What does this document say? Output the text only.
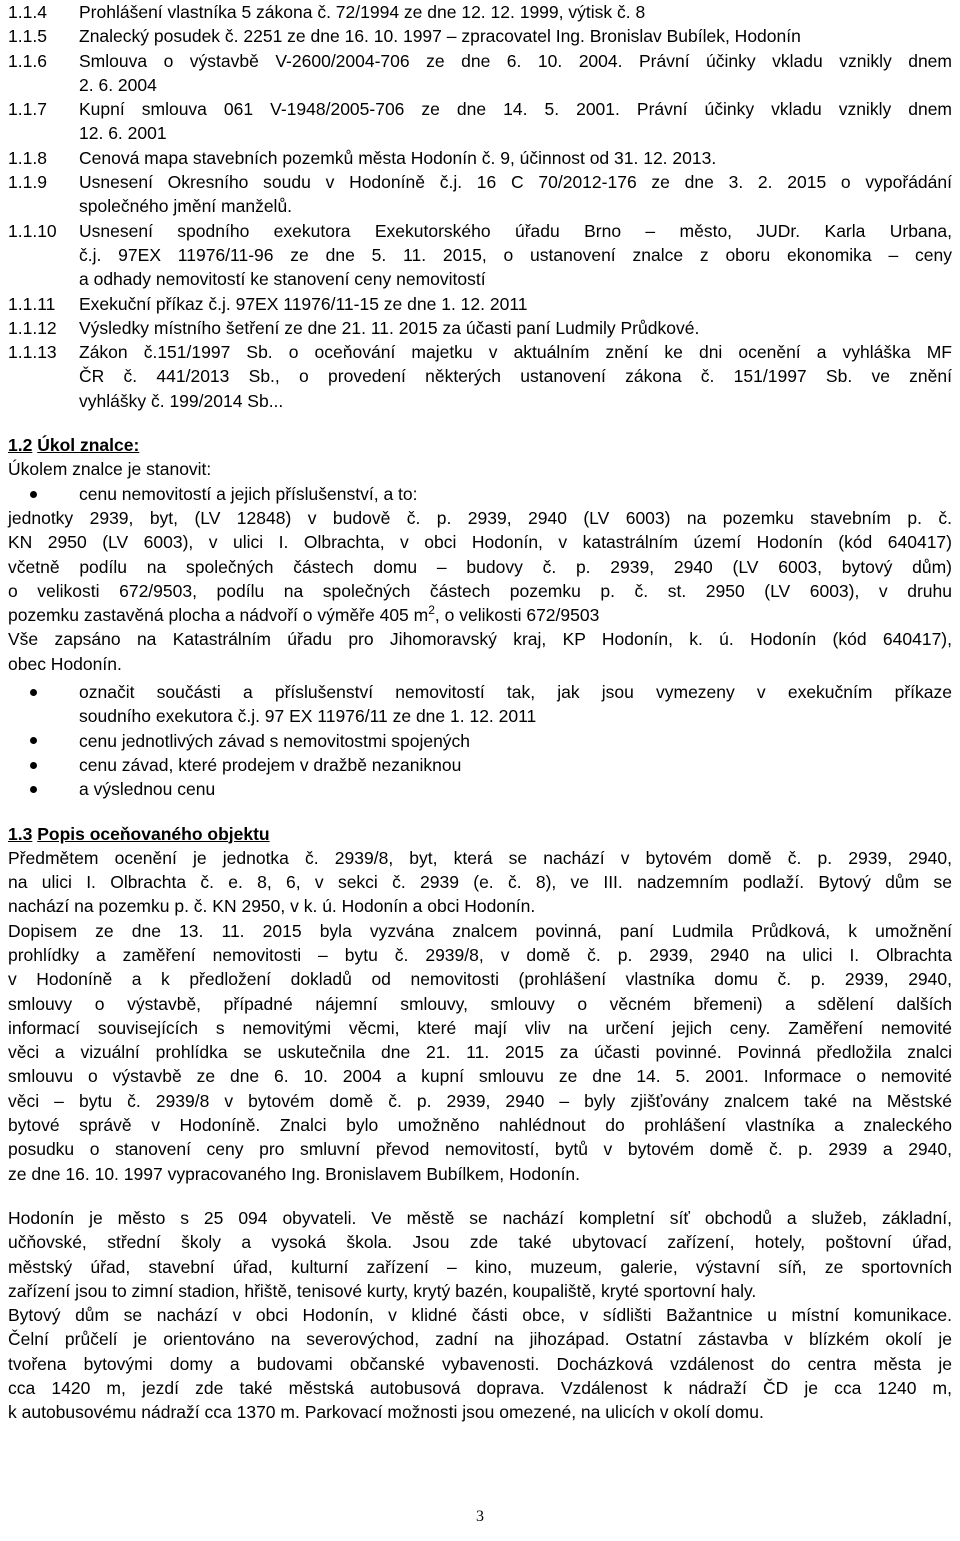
1.1.4	Prohlášení vlastníka 5 zákona č. 72/1994 ze dne 12. 12. 1999, výtisk č. 8
1.1.5	Znalecký posudek č. 2251 ze dne 16. 10. 1997 – zpracovatel Ing. Bronislav Bubílek, Hodonín
1.1.6	Smlouva o výstavbě V-2600/2004-706 ze dne 6. 10. 2004. Právní účinky vkladu vznikly dnem
2. 6. 2004
1.1.7	Kupní smlouva 061 V-1948/2005-706 ze dne 14. 5. 2001. Právní účinky vkladu vznikly dnem
12. 6. 2001
1.1.8	Cenová mapa stavebních pozemků města Hodonín č. 9, účinnost od 31. 12. 2013.
1.1.9	Usnesení Okresního soudu v Hodoníně č.j. 16 C 70/2012-176 ze dne 3. 2. 2015 o vypořádání
společného jmění manželů.
1.1.10	Usnesení spodního exekutora Exekutorského úřadu Brno – město, JUDr. Karla Urbana,
č.j. 97EX 11976/11-96 ze dne 5. 11. 2015, o ustanovení znalce z oboru ekonomika – ceny
a odhady nemovitostí ke stanovení ceny nemovitostí
1.1.11	Exekuční příkaz č.j. 97EX 11976/11-15 ze dne 1. 12. 2011
1.1.12	Výsledky místního šetření ze dne 21. 11. 2015 za účasti paní Ludmily Průdkové.
1.1.13	Zákon č.151/1997 Sb. o oceňování majetku v aktuálním znění ke dni ocenění a vyhláška MF
ČR č. 441/2013 Sb., o provedení některých ustanovení zákona č. 151/1997 Sb. ve znění
vyhlášky č. 199/2014 Sb...
1.2 Úkol znalce:

Úkolem znalce je stanovit:

cenu nemovitostí a jejich příslušenství, a to:
jednotky 2939, byt, (LV 12848) v budově č. p. 2939, 2940 (LV 6003) na pozemku stavebním p. č.
KN 2950 (LV 6003), v ulici I. Olbrachta, v obci Hodonín, v katastrálním území Hodonín (kód 640417)
včetně podílu na společných částech domu – budovy č. p. 2939, 2940 (LV 6003, bytový dům)
o velikosti 672/9503, podílu na společných částech pozemku p. č. st. 2950 (LV 6003), v druhu
pozemku zastavěná plocha a nádvoří o výměře 405 $m^2$, o velikosti 672/9503
Vše zapsáno na Katastrálním úřadu pro Jihomoravský kraj, KP Hodonín, k. ú. Hodonín (kód 640417),
obec Hodonín.
označit součásti a příslušenství nemovitostí tak, jak jsou vymezeny v exekučním příkaze
soudního exekutora č.j. 97 EX 11976/11 ze dne 1. 12. 2011
cenu jednotlivých závad s nemovitostmi spojených
cenu závad, které prodejem v dražbě nezaniknou
a výslednou cenu
1.3 Popis oceňovaného objektu
Předmětem ocenění je jednotka č. 2939/8, byt, která se nachází v bytovém domě č. p. 2939, 2940,
na ulici I. Olbrachta č. e. 8, 6, v sekci č. 2939 (e. č. 8), ve III. nadzemním podlaží. Bytový dům se
nachází na pozemku p. č. KN 2950, v k. ú. Hodonín a obci Hodonín.
Dopisem ze dne 13. 11. 2015 byla vyzvána znalcem povinná, paní Ludmila Průdková, k umožnění
prohlídky a zaměření nemovitosti – bytu č. 2939/8, v domě č. p. 2939, 2940 na ulici I. Olbrachta
v Hodoníně a k předložení dokladů od nemovitosti (prohlášení vlastníka domu č. p. 2939, 2940,
smlouvy o výstavbě, případné nájemní smlouvy, smlouvy o věcném břemeni) a sdělení dalších
informací souvisejících s nemovitými věcmi, které mají vliv na určení jejich ceny. Zaměření nemovité
věci a vizuální prohlídka se uskutečnila dne 21. 11. 2015 za účasti povinné. Povinná předložila znalci
smlouvu o výstavbě ze dne 6. 10. 2004 a kupní smlouvu ze dne 14. 5. 2001. Informace o nemovité
věci – bytu č. 2939/8 v bytovém domě č. p. 2939, 2940 – byly zjišťovány znalcem také na Městské
bytové správě v Hodoníně. Znalci bylo umožněno nahlédnout do prohlášení vlastníka a znaleckého
posudku o stanovení ceny pro smluvní převod nemovitostí, bytů v bytovém domě č. p. 2939 a 2940,
ze dne 16. 10. 1997 vypracovaného Ing. Bronislavem Bubílkem, Hodonín.
Hodonín je město s 25 094 obyvateli. Ve městě se nachází kompletní síť obchodů a služeb, základní,
učňovské, střední školy a vysoká škola. Jsou zde také ubytovací zařízení, hotely, poštovní úřad,
městský úřad, stavební úřad, kulturní zařízení – kino, muzeum, galerie, výstavní síň, ze sportovních
zařízení jsou to zimní stadion, hřiště, tenisové kurty, krytý bazén, koupaliště, kryté sportovní haly.
Bytový dům se nachází v obci Hodonín, v klidné části obce, v sídlišti Bažantnice u místní komunikace.
Čelní průčelí je orientováno na severovýchod, zadní na jihozápad. Ostatní zástavba v blízkém okolí je
tvořena bytovými domy a budovami občanské vybavenosti. Docházková vzdálenost do centra města je
cca 1420 m, jezdí zde také městská autobusová doprava. Vzdálenost k nádraží ČD je cca 1240 m,
k autobusovému nádraží cca 1370 m. Parkovací možnosti jsou omezené, na ulicích v okolí domu.
3
